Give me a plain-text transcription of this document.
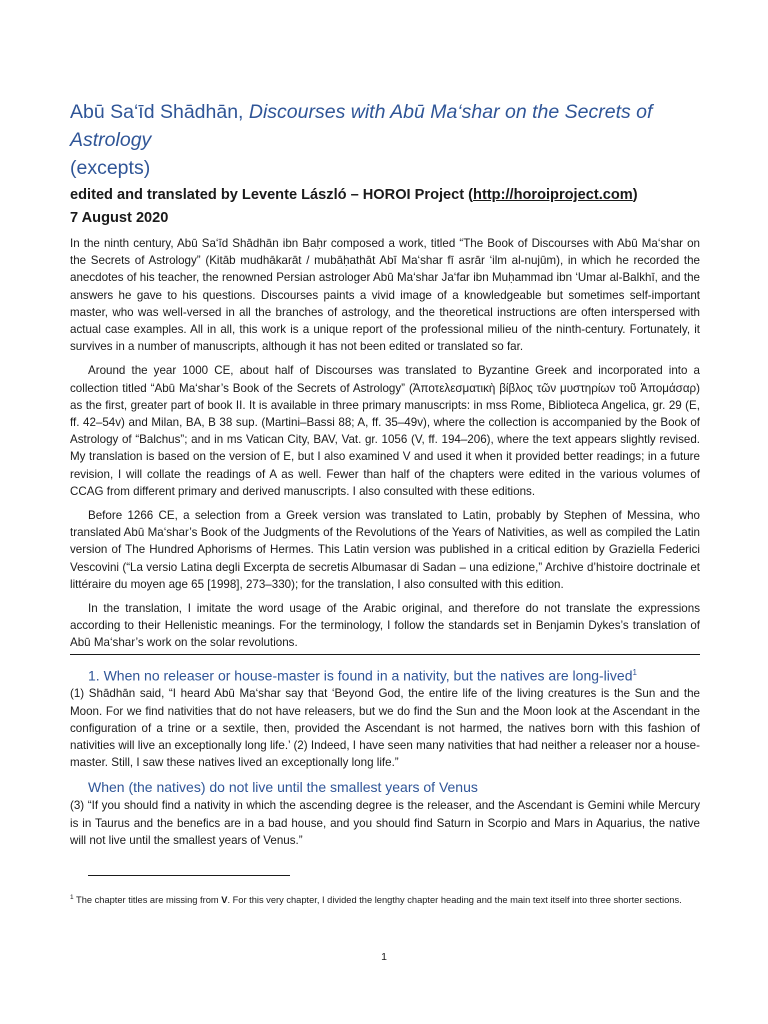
Abū Sa‘īd Shādhān, Discourses with Abū Ma‘shar on the Secrets of Astrology
(excepts)
edited and translated by Levente László – HOROI Project (http://horoiproject.com)
7 August 2020

In the ninth century, Abū Sa‘īd Shādhān ibn Baḥr composed a work, titled “The Book of Discourses with Abū Ma‘shar on the Secrets of Astrology” (Kitāb mudhākarāt / mubāḥathāt Abī Ma‘shar fī asrār ‘ilm al-nujūm), in which he recorded the anecdotes of his teacher, the renowned Persian astrologer Abū Ma‘shar Ja‘far ibn Muḥammad ibn ‘Umar al-Balkhī, and the answers he gave to his questions. Discourses paints a vivid image of a knowledgeable but sometimes self-important master, who was well-versed in all the branches of astrology, and the theoretical instructions are often interspersed with actual case examples. All in all, this work is a unique report of the professional milieu of the ninth-century. Fortunately, it survives in a number of manuscripts, although it has not been edited or translated so far.

Around the year 1000 CE, about half of Discourses was translated to Byzantine Greek and incorporated into a collection titled “Abū Ma‘shar’s Book of the Secrets of Astrology” (Ἀποτελεσματικὴ βίβλος τῶν μυστηρίων τοῦ Ἀπομάσαρ) as the first, greater part of book II. It is available in three primary manuscripts: in mss Rome, Biblioteca Angelica, gr. 29 (E, ff. 42–54v) and Milan, BA, B 38 sup. (Martini–Bassi 88; A, ff. 35–49v), where the collection is accompanied by the Book of Astrology of “Balchus”; and in ms Vatican City, BAV, Vat. gr. 1056 (V, ff. 194–206), where the text appears slightly revised. My translation is based on the version of E, but I also examined V and used it when it provided better readings; in a future revision, I will collate the readings of A as well. Fewer than half of the chapters were edited in the various volumes of CCAG from different primary and derived manuscripts. I also consulted with these editions.

Before 1266 CE, a selection from a Greek version was translated to Latin, probably by Stephen of Messina, who translated Abū Ma‘shar’s Book of the Judgments of the Revolutions of the Years of Nativities, as well as compiled the Latin version of The Hundred Aphorisms of Hermes. This Latin version was published in a critical edition by Graziella Federici Vescovini (“La versio Latina degli Excerpta de secretis Albumasar di Sadan – una edizione,” Archive d’histoire doctrinale et littéraire du moyen age 65 [1998], 273–330); for the translation, I also consulted with this edition.

In the translation, I imitate the word usage of the Arabic original, and therefore do not translate the expressions according to their Hellenistic meanings. For the terminology, I follow the standards set in Benjamin Dykes’s translation of Abū Ma‘shar’s work on the solar revolutions.

1. When no releaser or house-master is found in a nativity, but the natives are long-lived$^1$

(1) Shādhān said, “I heard Abū Ma‘shar say that ‘Beyond God, the entire life of the living creatures is the Sun and the Moon. For we find nativities that do not have releasers, but we do find the Sun and the Moon look at the Ascendant in the configuration of a trine or a sextile, then, provided the Ascendant is not harmed, the natives born with this fashion of nativities will live an exceptionally long life.’ (2) Indeed, I have seen many nativities that had neither a releaser nor a house-master. Still, I saw these natives lived an exceptionally long life.”

When (the natives) do not live until the smallest years of Venus

(3) “If you should find a nativity in which the ascending degree is the releaser, and the Ascendant is Gemini while Mercury is in Taurus and the benefics are in a bad house, and you should find Saturn in Scorpio and Mars in Aquarius, the native will not live until the smallest years of Venus.”

$^1$ The chapter titles are missing from V. For this very chapter, I divided the lengthy chapter heading and the main text itself into three shorter sections.
1
